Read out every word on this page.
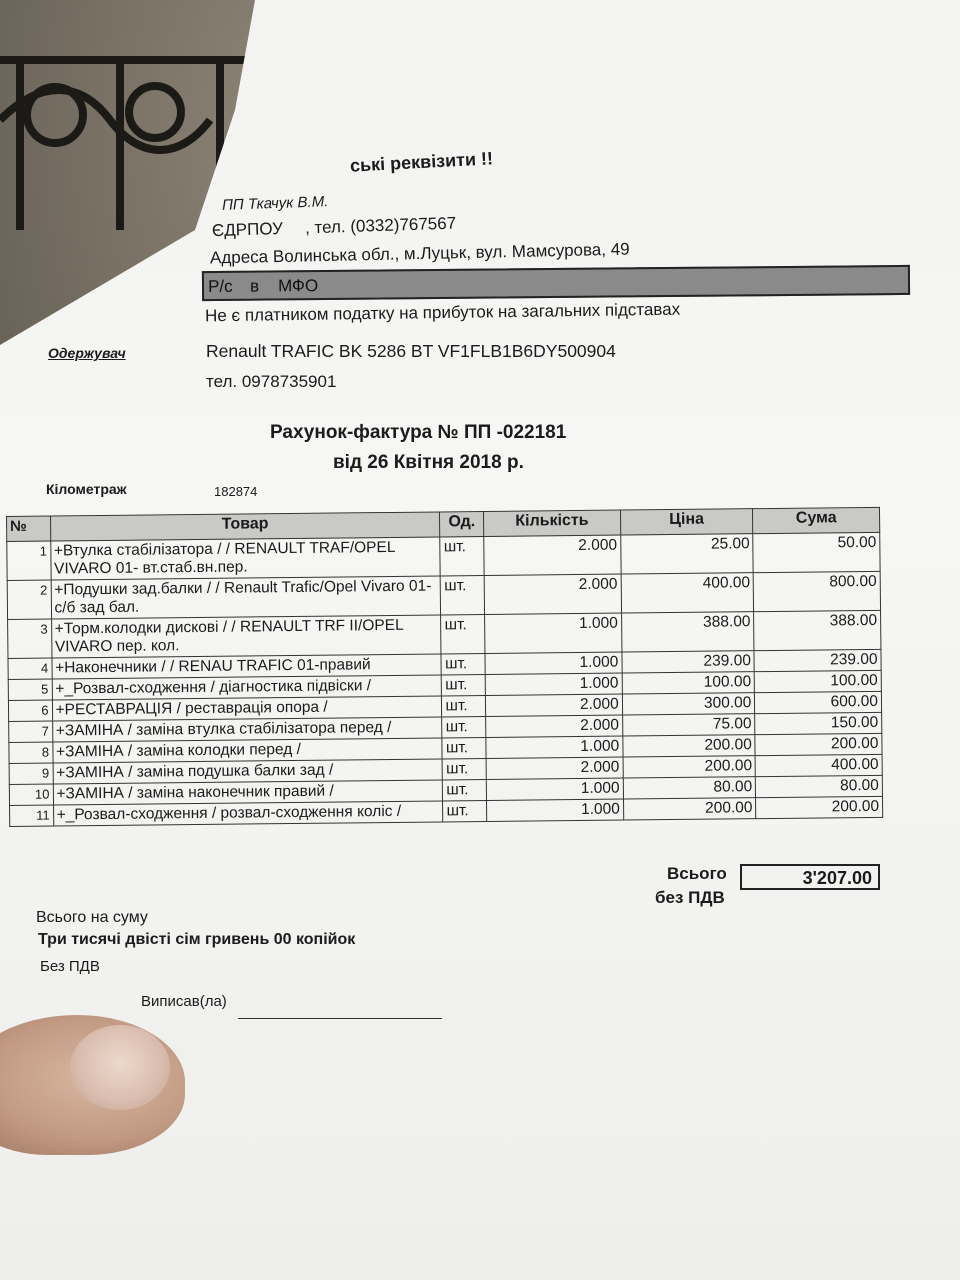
ські реквізити !!
ПП Ткачук В.М.
ЄДРПОУ , тел. (0332)767567
Адреса Волинська обл., м.Луцьк, вул. Мамсурова, 49
Р/с в МФО
Не є платником податку на прибуток на загальних підставах
Одержувач	Renault TRAFIC BK 5286 BT VF1FLB1B6DY500904
тел. 0978735901
Рахунок-фактура № ПП -022181
від 26 Квітня 2018 р.
Кілометраж	182874
№	Товар	Од.	Кількість	Ціна	Сума
1	+Втулка стабілізатора / / RENAULT TRAF/OPEL VIVARO 01- вт.стаб.вн.пер.	шт.	2.000	25.00	50.00
2	+Подушки зад.балки / / Renault Trafic/Opel Vivaro 01- с/б зад бал.	шт.	2.000	400.00	800.00
3	+Торм.колодки дискові / / RENAULT TRF II/OPEL VIVARO пер. кол.	шт.	1.000	388.00	388.00
4	+Наконечники / / RENAU TRAFIC 01-правий	шт.	1.000	239.00	239.00
5	+_Розвал-сходження / діагностика підвіски /	шт.	1.000	100.00	100.00
6	+РЕСТАВРАЦІЯ / реставрація опора /	шт.	2.000	300.00	600.00
7	+ЗАМІНА / заміна втулка стабілізатора перед /	шт.	2.000	75.00	150.00
8	+ЗАМІНА / заміна колодки перед /	шт.	1.000	200.00	200.00
9	+ЗАМІНА / заміна подушка балки зад /	шт.	2.000	200.00	400.00
10	+ЗАМІНА / заміна наконечник правий /	шт.	1.000	80.00	80.00
11	+_Розвал-сходження / розвал-сходження коліс /	шт.	1.000	200.00	200.00
Всього	3'207.00
без ПДВ
Всього на суму
Три тисячі двісті сім гривень 00 копійок
Без ПДВ
Виписав(ла)
